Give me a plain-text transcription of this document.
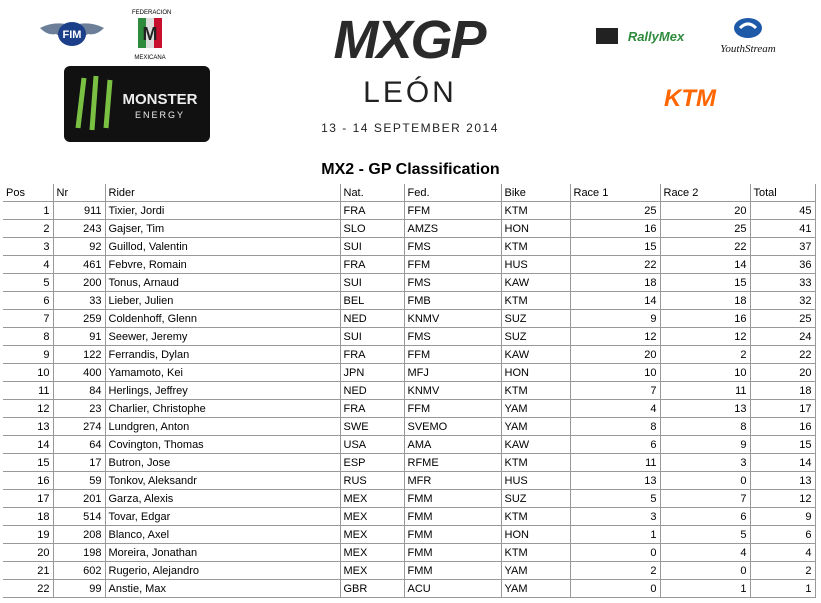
FIM
FEDERACION
M
MEXICANA	MXGP
LEÓN
13 - 14 SEPTEMBER 2014
MONSTER
ENERGY
RallyMex
YouthStream
KTM
MX2 - GP Classification
Pos	Nr	Rider	Nat.	Fed.	Bike	Race 1	Race 2	Total
1	911	Tixier, Jordi	FRA	FFM	KTM	25	20	45
2	243	Gajser, Tim	SLO	AMZS	HON	16	25	41
3	92	Guillod, Valentin	SUI	FMS	KTM	15	22	37
4	461	Febvre, Romain	FRA	FFM	HUS	22	14	36
5	200	Tonus, Arnaud	SUI	FMS	KAW	18	15	33
6	33	Lieber, Julien	BEL	FMB	KTM	14	18	32
7	259	Coldenhoff, Glenn	NED	KNMV	SUZ	9	16	25
8	91	Seewer, Jeremy	SUI	FMS	SUZ	12	12	24
9	122	Ferrandis, Dylan	FRA	FFM	KAW	20	2	22
10	400	Yamamoto, Kei	JPN	MFJ	HON	10	10	20
11	84	Herlings, Jeffrey	NED	KNMV	KTM	7	11	18
12	23	Charlier, Christophe	FRA	FFM	YAM	4	13	17
13	274	Lundgren, Anton	SWE	SVEMO	YAM	8	8	16
14	64	Covington, Thomas	USA	AMA	KAW	6	9	15
15	17	Butron, Jose	ESP	RFME	KTM	11	3	14
16	59	Tonkov, Aleksandr	RUS	MFR	HUS	13	0	13
17	201	Garza, Alexis	MEX	FMM	SUZ	5	7	12
18	514	Tovar, Edgar	MEX	FMM	KTM	3	6	9
19	208	Blanco, Axel	MEX	FMM	HON	1	5	6
20	198	Moreira, Jonathan	MEX	FMM	KTM	0	4	4
21	602	Rugerio, Alejandro	MEX	FMM	YAM	2	0	2
22	99	Anstie, Max	GBR	ACU	YAM	0	1	1
